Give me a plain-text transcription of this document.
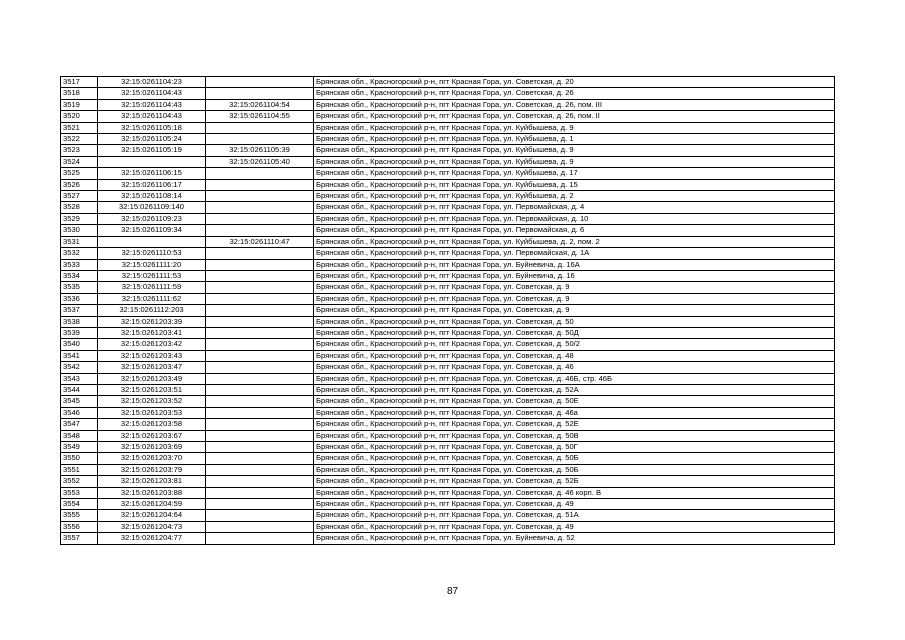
3517	32:15:0261104:23		Брянская обл., Красногорский р-н, пгт Красная Гора, ул. Советская, д. 20
3518	32:15:0261104:43		Брянская обл., Красногорский р-н, пгт Красная Гора, ул. Советская, д. 26
3519	32:15:0261104:43	32:15:0261104:54	Брянская обл., Красногорский р-н, пгт Красная Гора, ул. Советская, д. 26, пом. III
3520	32:15:0261104:43	32:15:0261104:55	Брянская обл., Красногорский р-н, пгт Красная Гора, ул. Советская, д. 26, пом. II
3521	32:15:0261105:18		Брянская обл., Красногорский р-н, пгт Красная Гора, ул. Куйбышева, д. 9
3522	32:15:0261105:24		Брянская обл., Красногорский р-н, пгт Красная Гора, ул. Куйбышева, д. 1
3523	32:15:0261105:19	32:15:0261105:39	Брянская обл., Красногорский р-н, пгт Красная Гора, ул. Куйбышева, д. 9
3524		32:15:0261105:40	Брянская обл., Красногорский р-н, пгт Красная Гора, ул. Куйбышева, д. 9
3525	32:15:0261106:15		Брянская обл., Красногорский р-н, пгт Красная Гора, ул. Куйбышева, д. 17
3526	32:15:0261106:17		Брянская обл., Красногорский р-н, пгт Красная Гора, ул. Куйбышева, д. 15
3527	32:15:0261108:14		Брянская обл., Красногорский р-н, пгт Красная Гора, ул. Куйбышева, д. 2
3528	32:15:0261109:140		Брянская обл., Красногорский р-н, пгт Красная Гора, ул. Первомайская, д. 4
3529	32:15:0261109:23		Брянская обл., Красногорский р-н, пгт Красная Гора, ул. Первомайская, д. 10
3530	32:15:0261109:34		Брянская обл., Красногорский р-н, пгт Красная Гора, ул. Первомайская, д. 6
3531		32:15:0261110:47	Брянская обл., Красногорский р-н, пгт Красная Гора, ул. Куйбышева, д. 2, пом. 2
3532	32:15:0261110:53		Брянская обл., Красногорский р-н, пгт Красная Гора, ул. Первомайская, д. 1А
3533	32:15:0261111:20		Брянская обл., Красногорский р-н, пгт Красная Гора, ул. Буйневича, д. 16А
3534	32:15:0261111:53		Брянская обл., Красногорский р-н, пгт Красная Гора, ул. Буйневича, д. 16
3535	32:15:0261111:59		Брянская обл., Красногорский р-н, пгт Красная Гора, ул. Советская, д. 9
3536	32:15:0261111:62		Брянская обл., Красногорский р-н, пгт Красная Гора, ул. Советская, д. 9
3537	32:15:0261112:203		Брянская обл., Красногорский р-н, пгт Красная Гора, ул. Советская, д. 9
3538	32:15:0261203:39		Брянская обл., Красногорский р-н, пгт Красная Гора, ул. Советская, д. 50
3539	32:15:0261203:41		Брянская обл., Красногорский р-н, пгт Красная Гора, ул. Советская, д. 50Д
3540	32:15:0261203:42		Брянская обл., Красногорский р-н, пгт Красная Гора, ул. Советская, д. 50/2
3541	32:15:0261203:43		Брянская обл., Красногорский р-н, пгт Красная Гора, ул. Советская, д. 48
3542	32:15:0261203:47		Брянская обл., Красногорский р-н, пгт Красная Гора, ул. Советская, д. 46
3543	32:15:0261203:49		Брянская обл., Красногорский р-н, пгт Красная Гора, ул. Советская, д. 46Б, стр. 46Б
3544	32:15:0261203:51		Брянская обл., Красногорский р-н, пгт Красная Гора, ул. Советская, д. 52А
3545	32:15:0261203:52		Брянская обл., Красногорский р-н, пгт Красная Гора, ул. Советская, д. 50Е
3546	32:15:0261203:53		Брянская обл., Красногорский р-н, пгт Красная Гора, ул. Советская, д. 46а
3547	32:15:0261203:58		Брянская обл., Красногорский р-н, пгт Красная Гора, ул. Советская, д. 52Е
3548	32:15:0261203:67		Брянская обл., Красногорский р-н, пгт Красная Гора, ул. Советская, д. 50В
3549	32:15:0261203:69		Брянская обл., Красногорский р-н, пгт Красная Гора, ул. Советская, д. 50Г
3550	32:15:0261203:70		Брянская обл., Красногорский р-н, пгт Красная Гора, ул. Советская, д. 50Б
3551	32:15:0261203:79		Брянская обл., Красногорский р-н, пгт Красная Гора, ул. Советская, д. 50Б
3552	32:15:0261203:81		Брянская обл., Красногорский р-н, пгт Красная Гора, ул. Советская, д. 52Б
3553	32:15:0261203:88		Брянская обл., Красногорский р-н, пгт Красная Гора, ул. Советская, д. 46 корп. В
3554	32:15:0261204:59		Брянская обл., Красногорский р-н, пгт Красная Гора, ул. Советская, д. 49
3555	32:15:0261204:64		Брянская обл., Красногорский р-н, пгт Красная Гора, ул. Советская, д. 51А
3556	32:15:0261204:73		Брянская обл., Красногорский р-н, пгт Красная Гора, ул. Советская, д. 49
3557	32:15:0261204:77		Брянская обл., Красногорский р-н, пгт Красная Гора, ул. Буйневича, д. 52
87
